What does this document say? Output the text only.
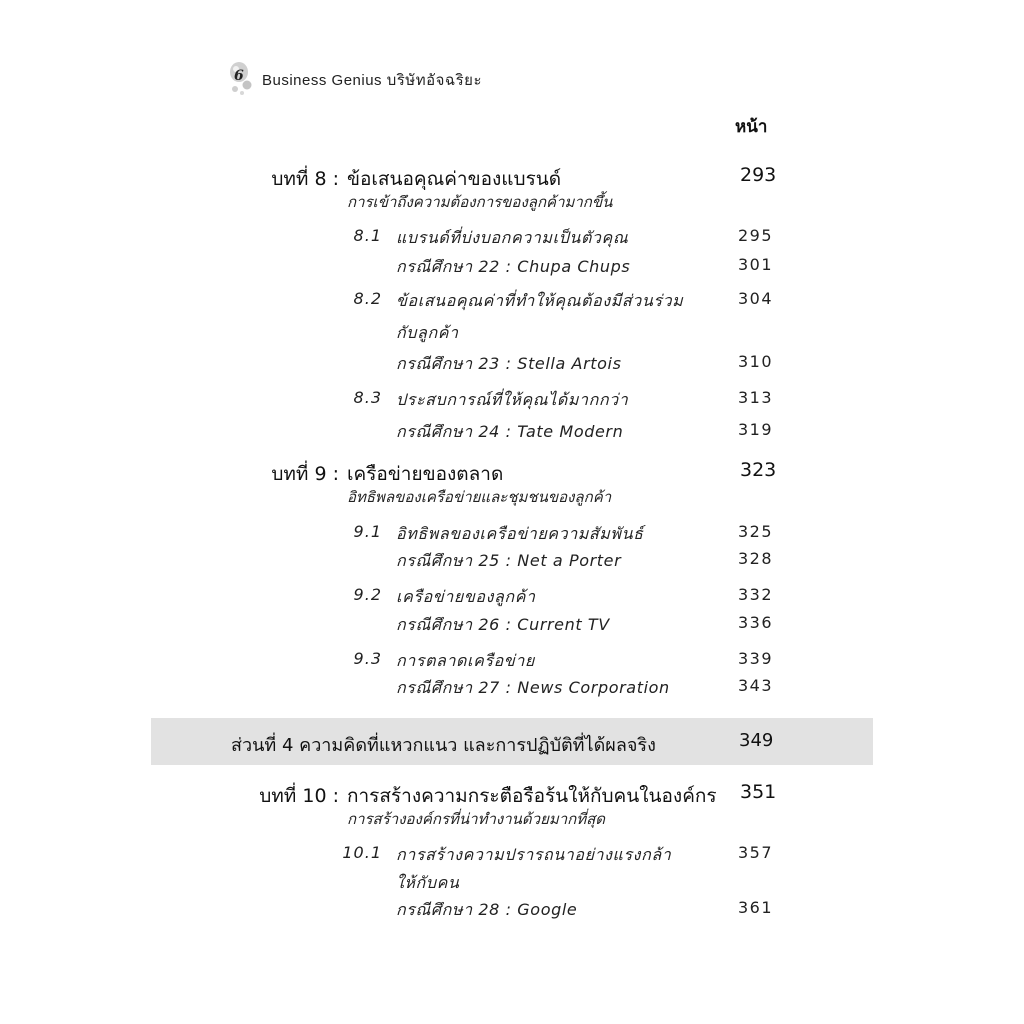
6 Business Genius บริษัทอัจฉริยะ
หน้า
บทที่ 8 : ข้อเสนอคุณค่าของแบรนด์	293
การเข้าถึงความต้องการของลูกค้ามากขึ้น
8.1 แบรนด์ที่บ่งบอกความเป็นตัวคุณ	295
กรณีศึกษา 22 : Chupa Chups	301
8.2 ข้อเสนอคุณค่าที่ทำให้คุณต้องมีส่วนร่วม	304
กับลูกค้า
กรณีศึกษา 23 : Stella Artois	310
8.3 ประสบการณ์ที่ให้คุณได้มากกว่า	313
กรณีศึกษา 24 : Tate Modern	319
บทที่ 9 : เครือข่ายของตลาด	323
อิทธิพลของเครือข่ายและชุมชนของลูกค้า
9.1 อิทธิพลของเครือข่ายความสัมพันธ์	325
กรณีศึกษา 25 : Net a Porter	328
9.2 เครือข่ายของลูกค้า	332
กรณีศึกษา 26 : Current TV	336
9.3 การตลาดเครือข่าย	339
กรณีศึกษา 27 : News Corporation	343
ส่วนที่ 4 ความคิดที่แหวกแนว และการปฏิบัติที่ได้ผลจริง	349
บทที่ 10 : การสร้างความกระตือรือร้นให้กับคนในองค์กร 351
การสร้างองค์กรที่น่าทำงานด้วยมากที่สุด
10.1 การสร้างความปรารถนาอย่างแรงกล้า	357
ให้กับคน
กรณีศึกษา 28 : Google	361
